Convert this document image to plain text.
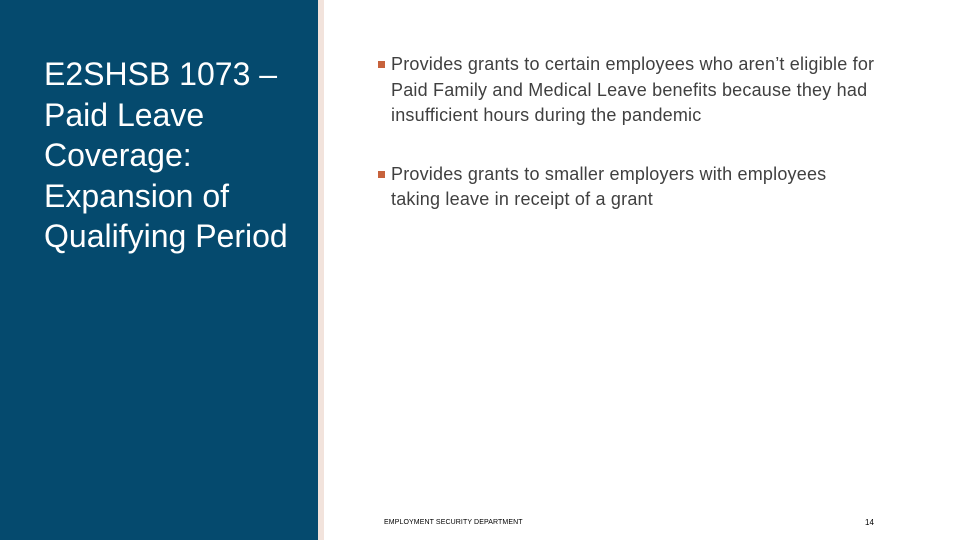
E2SHSB 1073 – Paid Leave Coverage: Expansion of Qualifying Period
Provides grants to certain employees who aren’t eligible for Paid Family and Medical Leave benefits because they had insufficient hours during the pandemic
Provides grants to smaller employers with employees taking leave in receipt of a grant
EMPLOYMENT SECURITY DEPARTMENT	14
